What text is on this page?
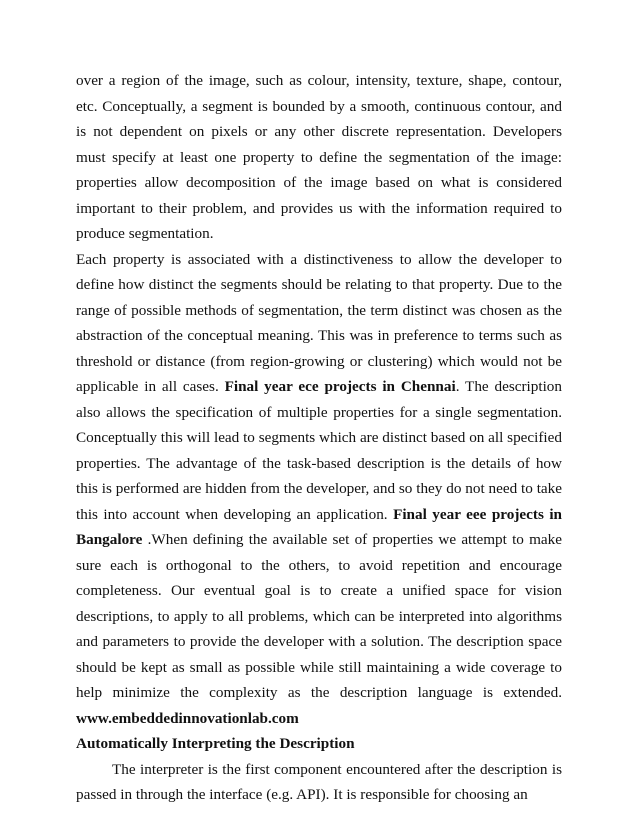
over a region of the image, such as colour, intensity, texture, shape, contour, etc. Conceptually, a segment is bounded by a smooth, continuous contour, and is not dependent on pixels or any other discrete representation. Developers must specify at least one property to define the segmentation of the image: properties allow decomposition of the image based on what is considered important to their problem, and provides us with the information required to produce segmentation.

Each property is associated with a distinctiveness to allow the developer to define how distinct the segments should be relating to that property. Due to the range of possible methods of segmentation, the term distinct was chosen as the abstraction of the conceptual meaning. This was in preference to terms such as threshold or distance (from region-growing or clustering) which would not be applicable in all cases. Final year ece projects in Chennai. The description also allows the specification of multiple properties for a single segmentation. Conceptually this will lead to segments which are distinct based on all specified properties. The advantage of the task-based description is the details of how this is performed are hidden from the developer, and so they do not need to take this into account when developing an application. Final year eee projects in Bangalore .When defining the available set of properties we attempt to make sure each is orthogonal to the others, to avoid repetition and encourage completeness. Our eventual goal is to create a unified space for vision descriptions, to apply to all problems, which can be interpreted into algorithms and parameters to provide the developer with a solution. The description space should be kept as small as possible while still maintaining a wide coverage to help minimize the complexity as the description language is extended. www.embeddedinnovationlab.com

Automatically Interpreting the Description

The interpreter is the first component encountered after the description is passed in through the interface (e.g. API). It is responsible for choosing an
